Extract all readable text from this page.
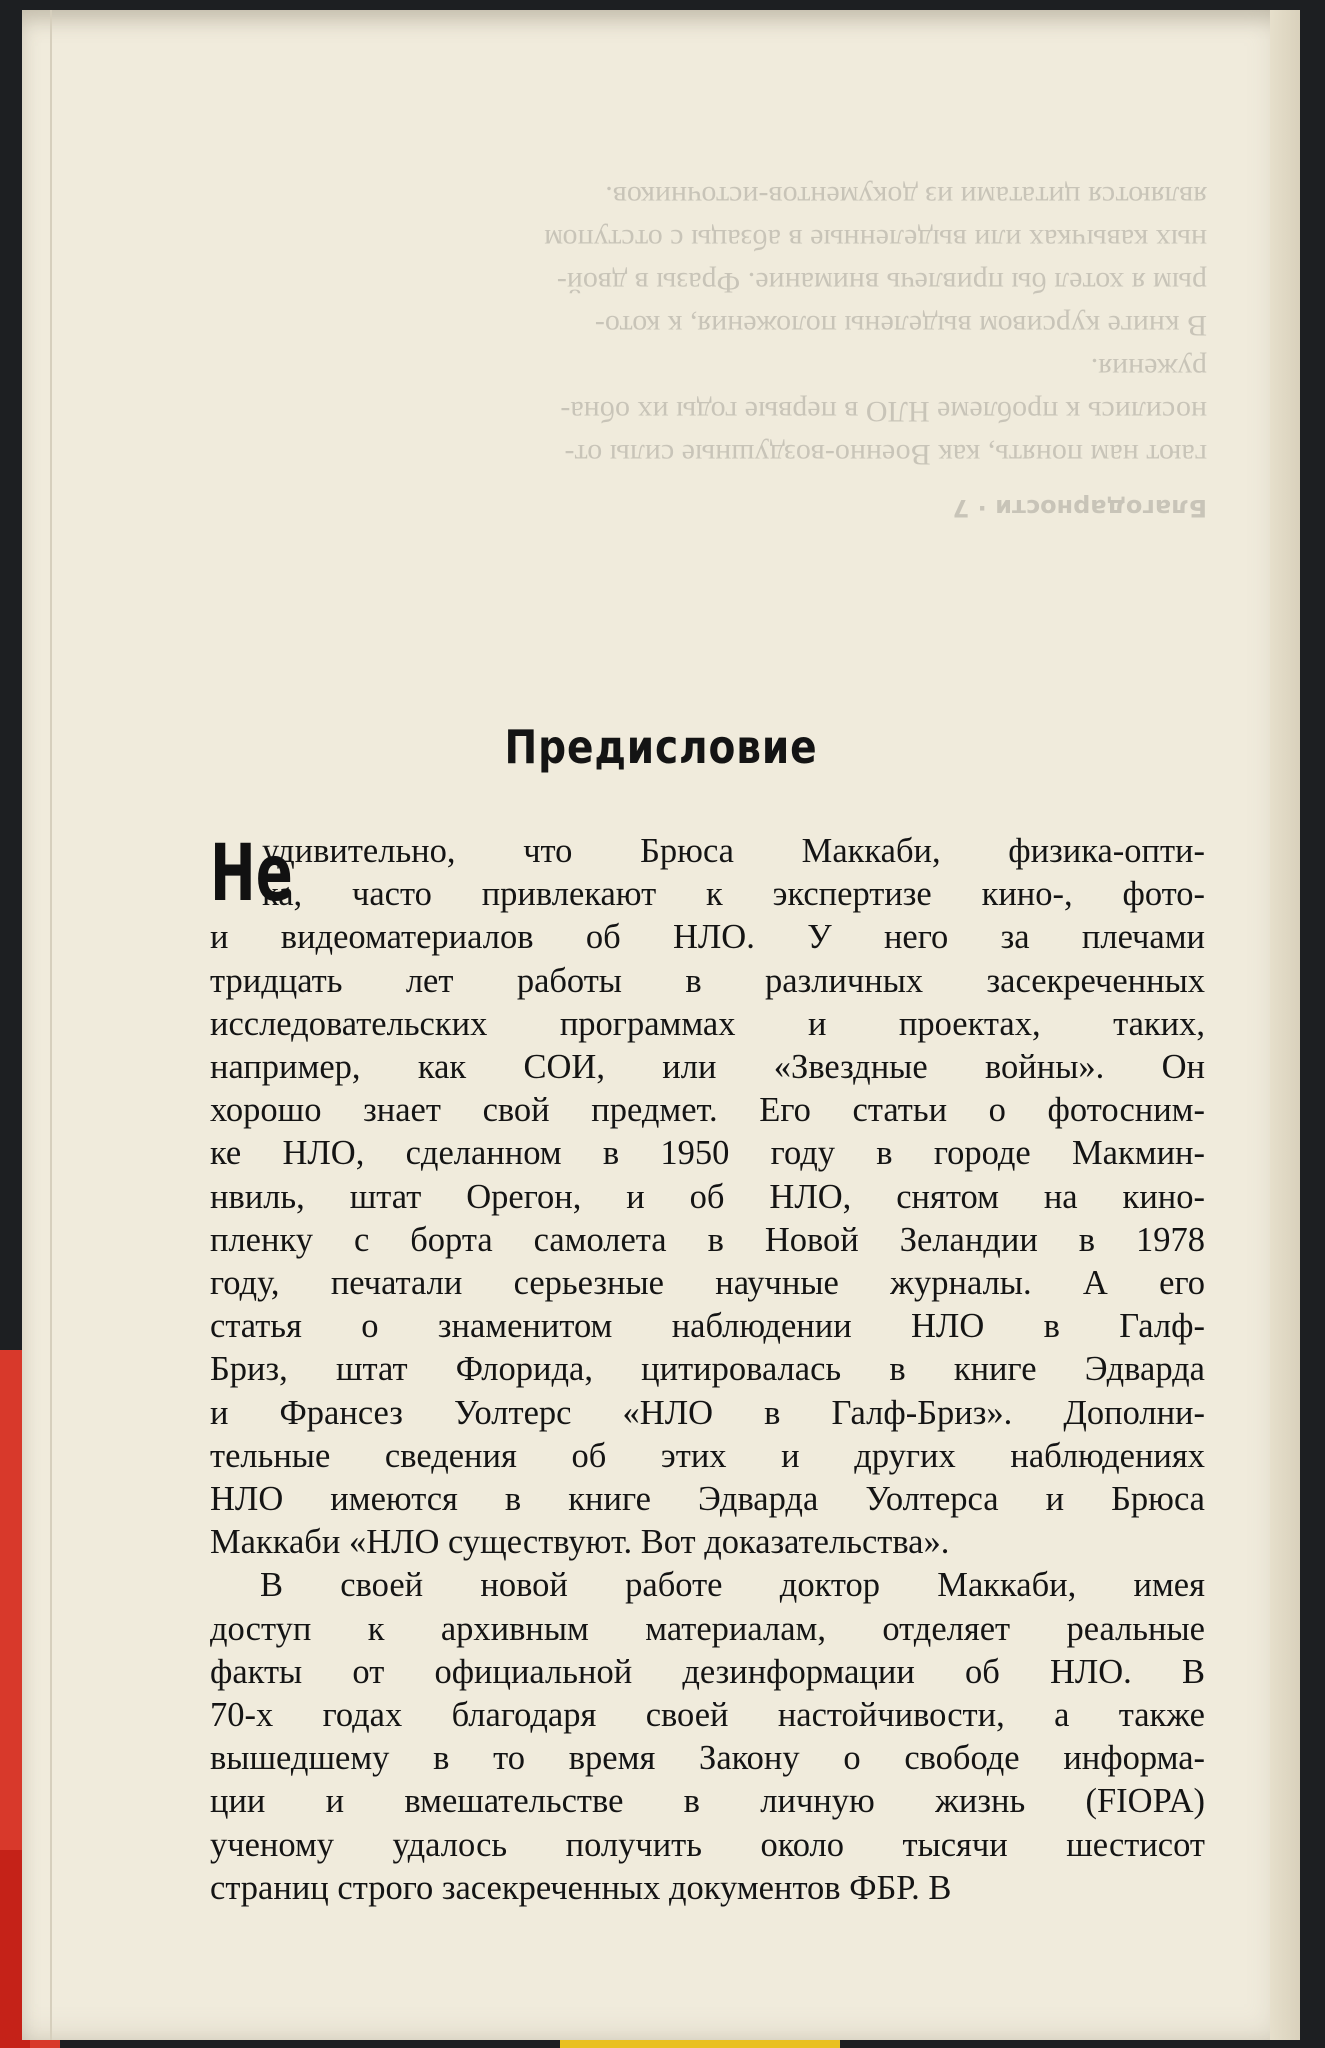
Благодарности · 7

гают нам понять, как Военно-воздушные силы от-

носились к проблеме НЛО в первые годы их обна-

ружения.

В книге курсивом выделены положения, к кото-

рым я хотел бы привлечь внимание. Фразы в двой-

ных кавычках или выделенные в абзацы с отступом

являются цитатами из документов-источников.

Предисловие
Не
удивительно, что Брюса Маккаби, физика-опти-
ка, часто привлекают к экспертизе кино-, фото-
и видеоматериалов об НЛО. У него за плечами
тридцать лет работы в различных засекреченных
исследовательских программах и проектах, таких,
например, как СОИ, или «Звездные войны». Он
хорошо знает свой предмет. Его статьи о фотосним-
ке НЛО, сделанном в 1950 году в городе Макмин-
нвиль, штат Орегон, и об НЛО, снятом на кино-
пленку с борта самолета в Новой Зеландии в 1978
году, печатали серьезные научные журналы. А его
статья о знаменитом наблюдении НЛО в Галф-
Бриз, штат Флорида, цитировалась в книге Эдварда
и Франсез Уолтерс «НЛО в Галф-Бриз». Дополни-
тельные сведения об этих и других наблюдениях
НЛО имеются в книге Эдварда Уолтерса и Брюса
Маккаби «НЛО существуют. Вот доказательства».
В своей новой работе доктор Маккаби, имея
доступ к архивным материалам, отделяет реальные
факты от официальной дезинформации об НЛО. В
70-х годах благодаря своей настойчивости, а также
вышедшему в то время Закону о свободе информа-
ции и вмешательстве в личную жизнь (FIOPA)
ученому удалось получить около тысячи шестисот
страниц строго засекреченных документов ФБР. В
